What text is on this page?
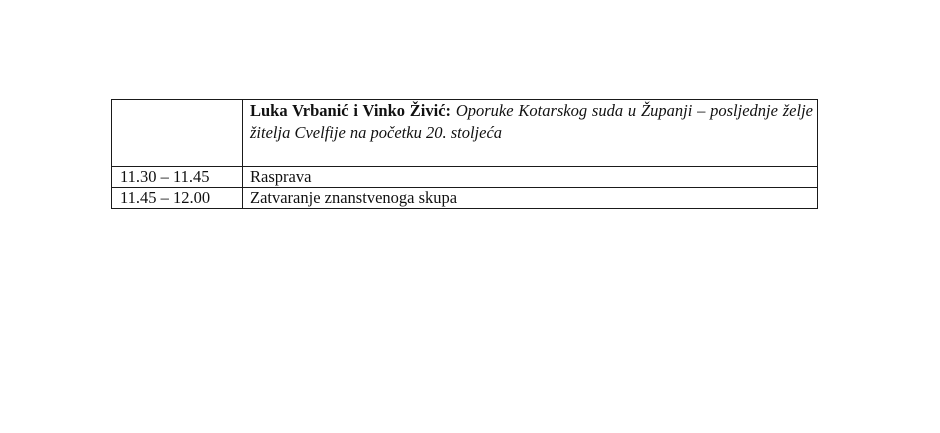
	Luka Vrbanić i Vinko Živić: Oporuke Kotarskog suda u Županji – posljednje želje žitelja Cvelfije na početku 20. stoljeća
11.30 – 11.45	Rasprava
11.45 – 12.00	Zatvaranje znanstvenoga skupa
